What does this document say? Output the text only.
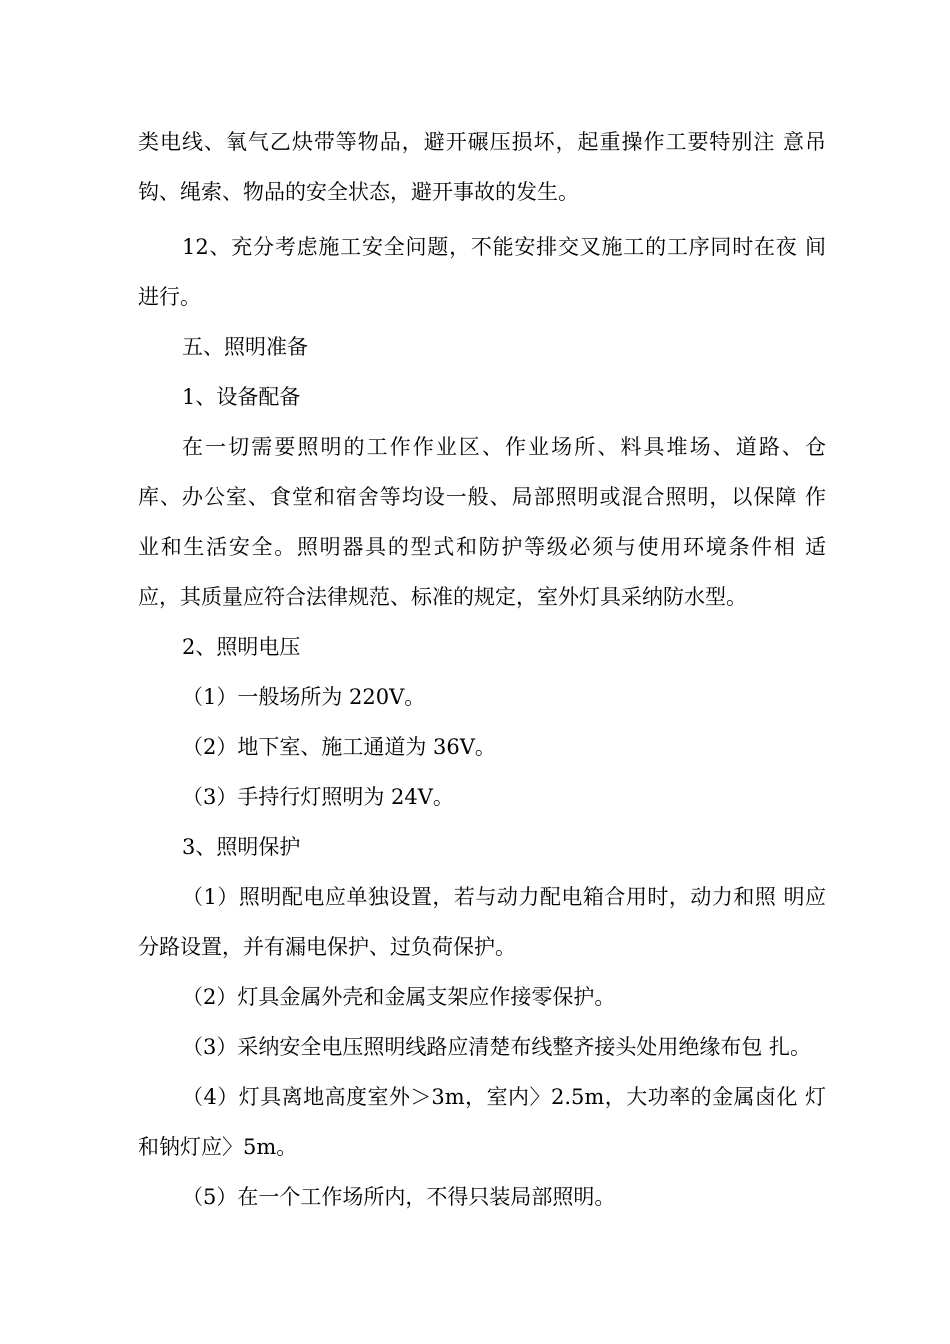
类电线、氧气乙炔带等物品，避开碾压损坏，起重操作工要特别注 意吊
钩、绳索、物品的安全状态，避开事故的发生。
12、充分考虑施工安全问题，不能安排交叉施工的工序同时在夜 间
进行。
五、照明准备
1、设备配备
在一切需要照明的工作作业区、作业场所、料具堆场、道路、仓
库、办公室、食堂和宿舍等均设一般、局部照明或混合照明，以保障 作
业和生活安全。照明器具的型式和防护等级必须与使用环境条件相 适
应，其质量应符合法律规范、标准的规定，室外灯具采纳防水型。
2、照明电压
（1）一般场所为 220V。
（2）地下室、施工通道为 36V。
（3）手持行灯照明为 24V。
3、照明保护
（1）照明配电应单独设置，若与动力配电箱合用时，动力和照 明应
分路设置，并有漏电保护、过负荷保护。
（2）灯具金属外壳和金属支架应作接零保护。
（3）采纳安全电压照明线路应清楚布线整齐接头处用绝缘布包 扎。
（4）灯具离地高度室外＞3m，室内〉2.5m，大功率的金属卤化 灯
和钠灯应〉5m。
（5）在一个工作场所内，不得只装局部照明。
